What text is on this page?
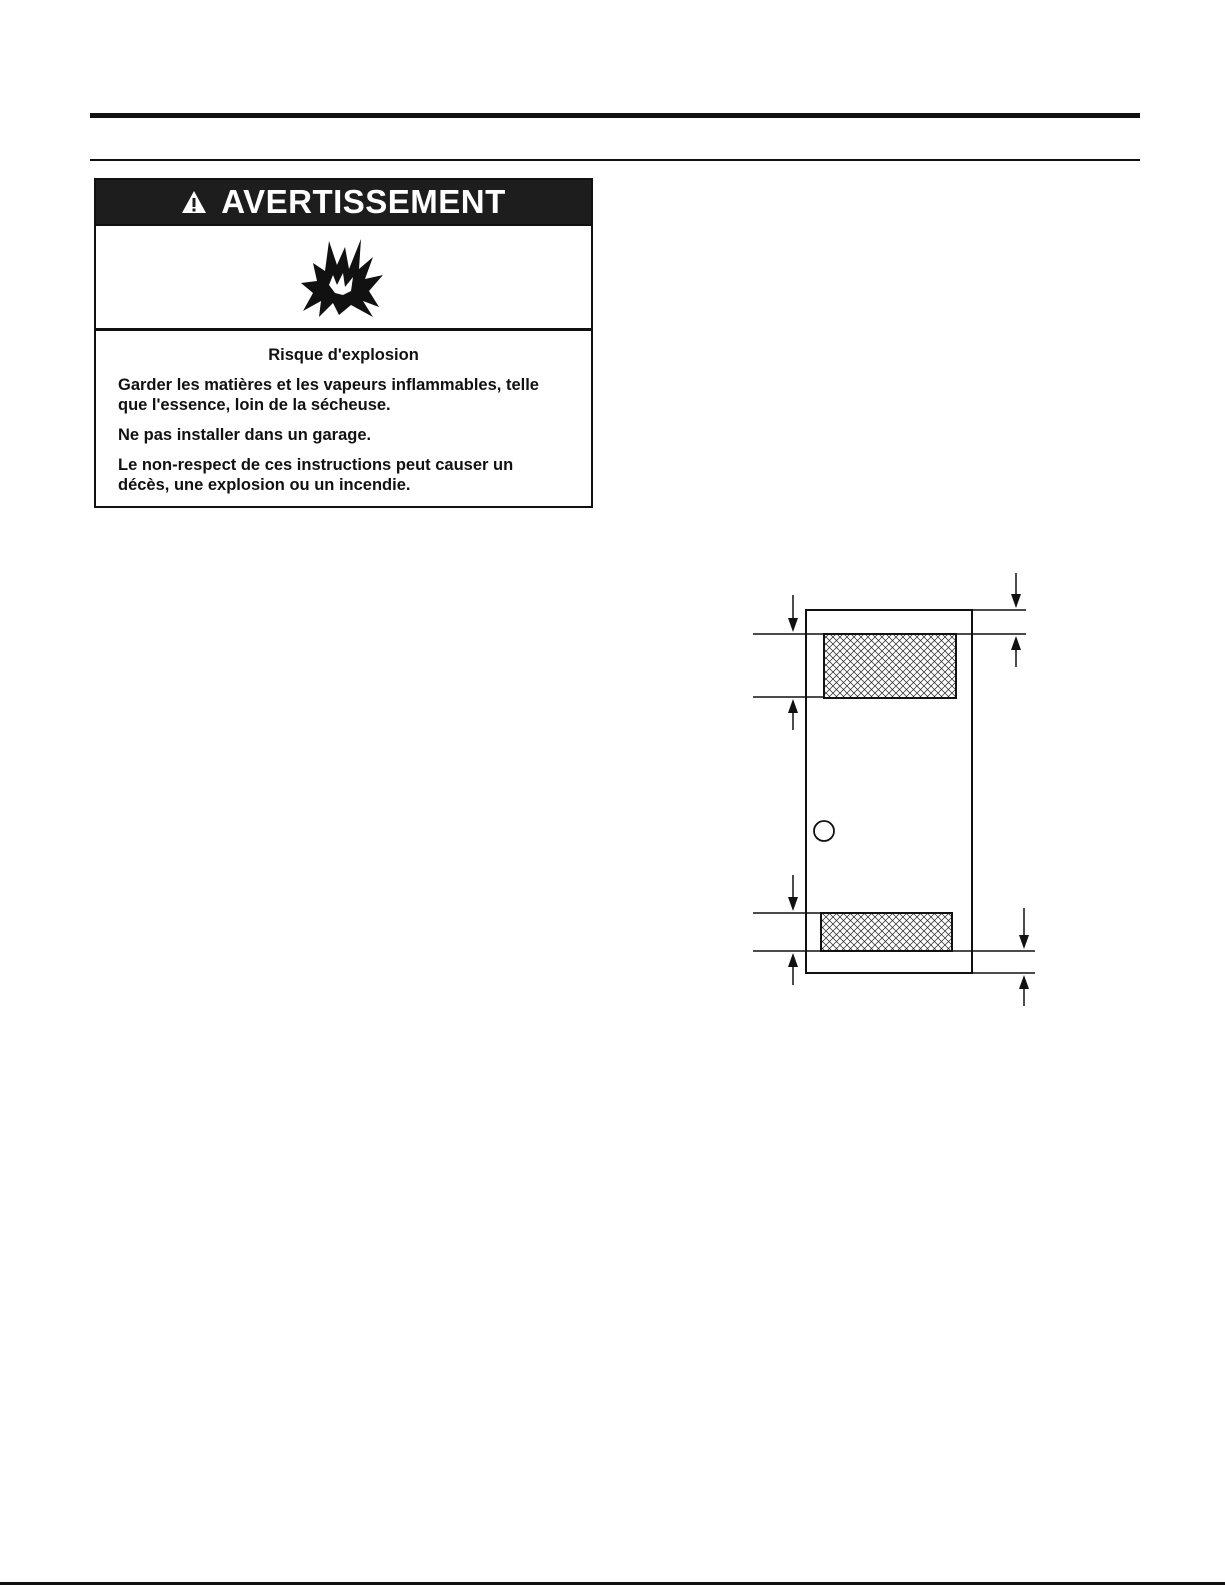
AVERTISSEMENT
Risque d'explosion

Garder les matières et les vapeurs inflammables, telle que l'essence, loin de la sécheuse.

Ne pas installer dans un garage.

Le non-respect de ces instructions peut causer un décès, une explosion ou un incendie.
